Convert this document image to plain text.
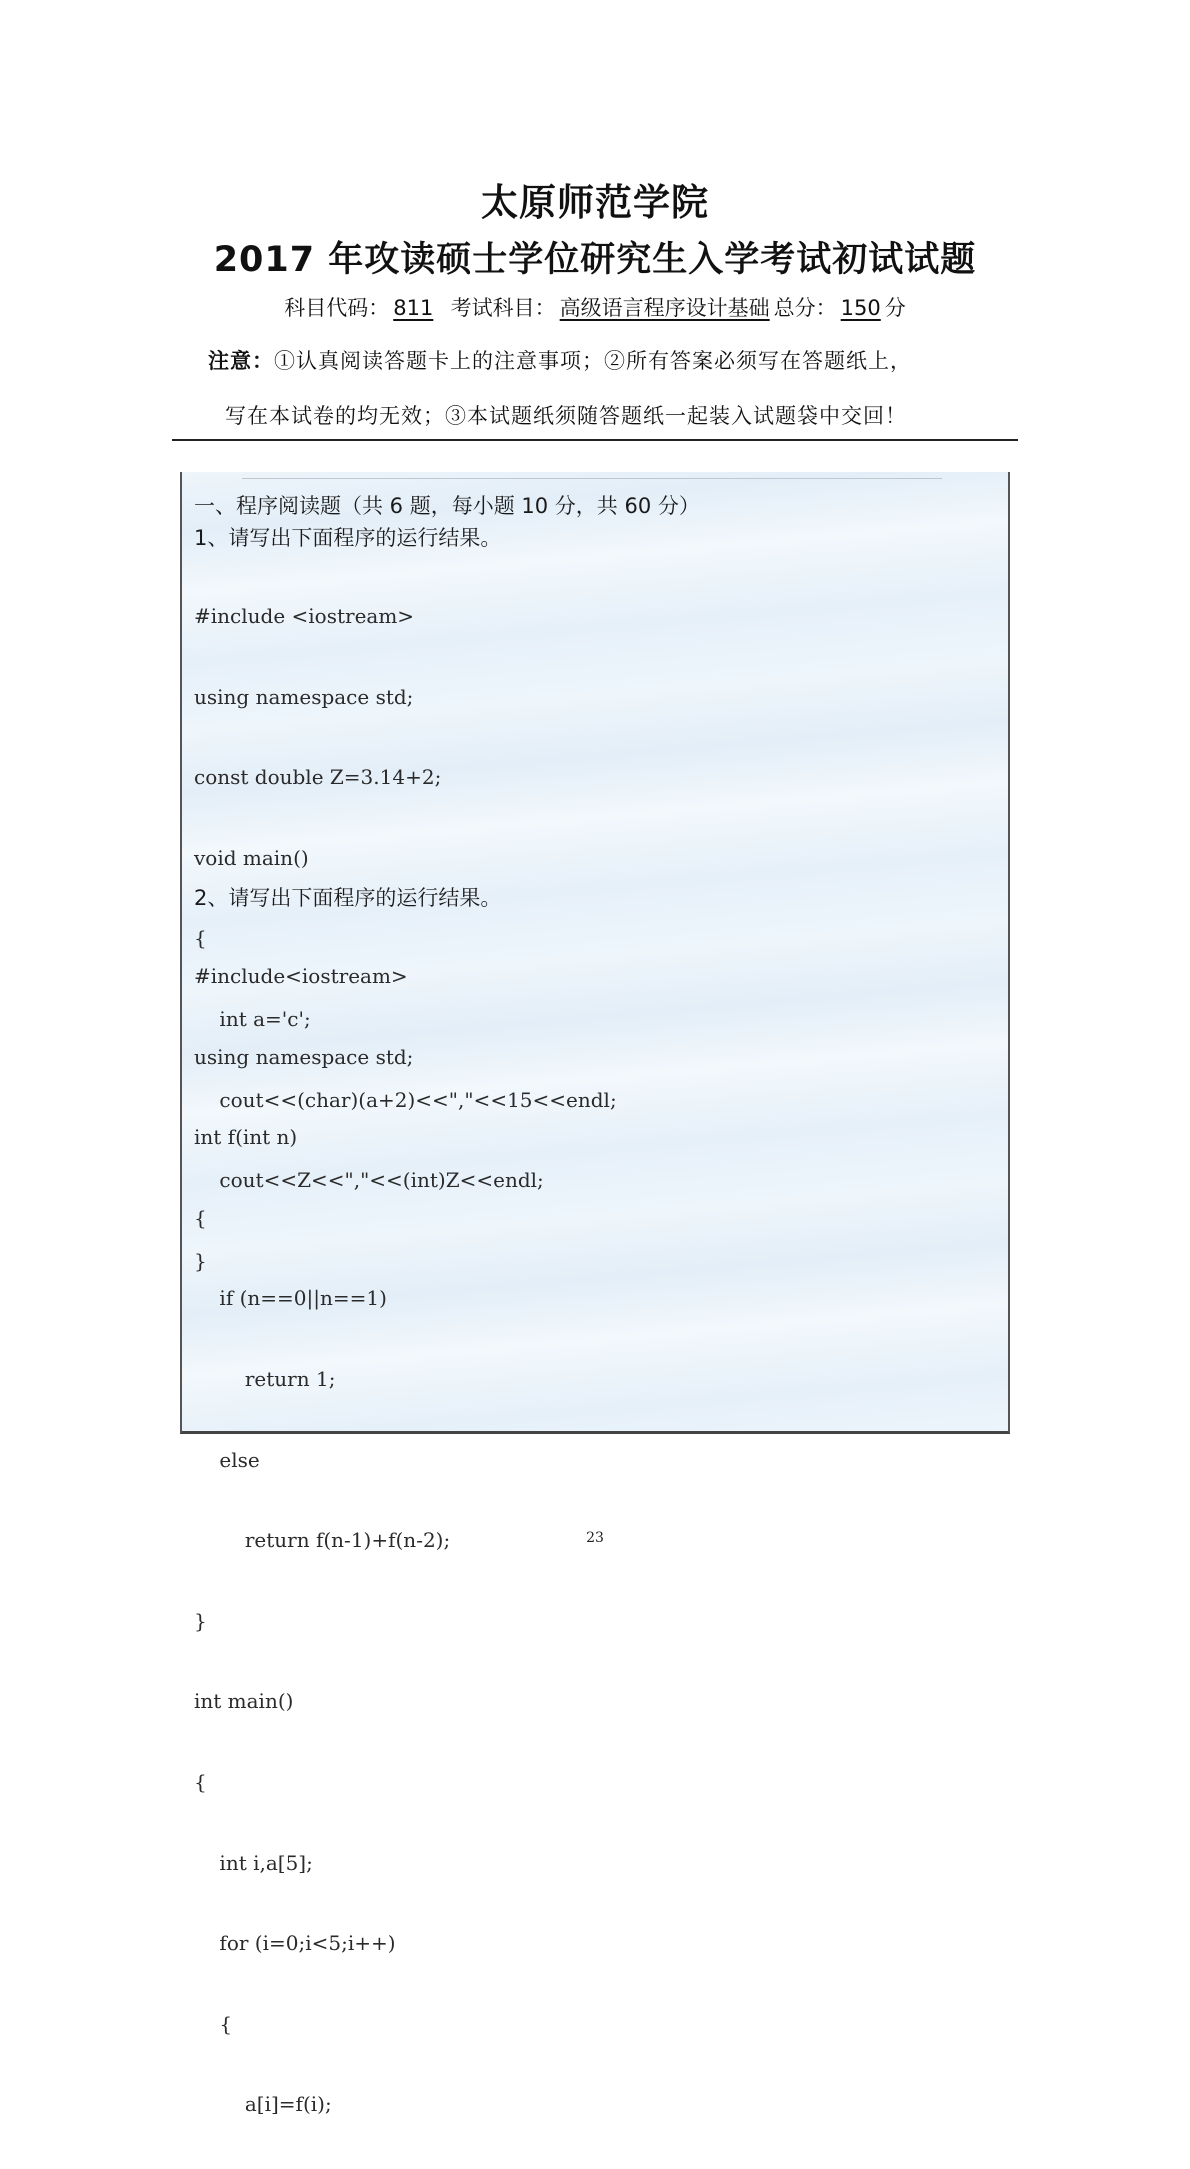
太原师范学院
2017 年攻读硕士学位研究生入学考试初试试题
科目代码： 811 考试科目： 高级语言程序设计基础 总分： 150 分
注意：①认真阅读答题卡上的注意事项；②所有答案必须写在答题纸上，
写在本试卷的均无效；③本试题纸须随答题纸一起装入试题袋中交回！
一、程序阅读题（共 6 题，每小题 10 分，共 60 分）
1、请写出下面程序的运行结果。

#include <iostream>

using namespace std;

const double Z=3.14+2;

void main()

{

int a='c';

cout<<(char)(a+2)<<","<<15<<endl;

cout<<Z<<","<<(int)Z<<endl;

}

2、请写出下面程序的运行结果。

#include<iostream>

using namespace std;

int f(int n)

{

if (n==0||n==1)

return 1;

else

return f(n-1)+f(n-2);

}

int main()

{

int i,a[5];

for (i=0;i<5;i++)

{

a[i]=f(i);

23
